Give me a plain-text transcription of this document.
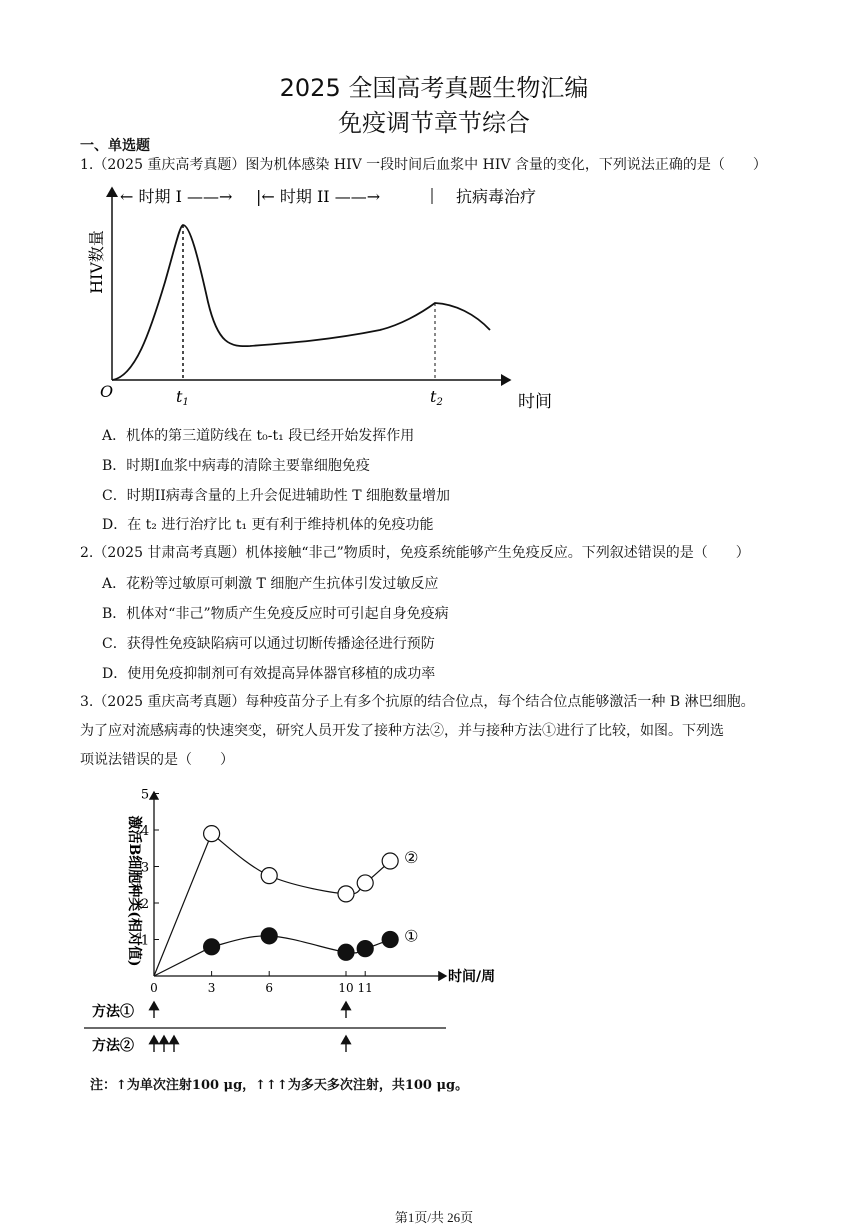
2025 全国高考真题生物汇编
免疫调节章节综合
一、单选题
1.（2025 重庆高考真题）图为机体感染 HIV 一段时间后血浆中 HIV 含量的变化，下列说法正确的是（　　）
O	t1	t2	时间
HIV数量
← 时期 I ——→ |← 时期 II ——→	抗病毒治疗
A．机体的第三道防线在 t₀-t₁ 段已经开始发挥作用
B．时期I血浆中病毒的清除主要靠细胞免疫
C．时期II病毒含量的上升会促进辅助性 T 细胞数量增加
D．在 t₂ 进行治疗比 t₁ 更有利于维持机体的免疫功能
2.（2025 甘肃高考真题）机体接触“非己”物质时，免疫系统能够产生免疫反应。下列叙述错误的是（　　）
A．花粉等过敏原可刺激 T 细胞产生抗体引发过敏反应
B．机体对“非己”物质产生免疫反应时可引起自身免疫病
C．获得性免疫缺陷病可以通过切断传播途径进行预防
D．使用免疫抑制剂可有效提高异体器官移植的成功率
3.（2025 重庆高考真题）每种疫苗分子上有多个抗原的结合位点，每个结合位点能够激活一种 B 淋巴细胞。
为了应对流感病毒的快速突变，研究人员开发了接种方法②，并与接种方法①进行了比较，如图。下列选
项说法错误的是（　　）
1
2
3
4
5
0	3	6	10 11
时间/周
激活B细胞种类(相对值)	②
①
方法①
方法②
注：↑为单次注射100 μg，↑↑↑为多天多次注射，共100 μg。
第1页/共 26页
